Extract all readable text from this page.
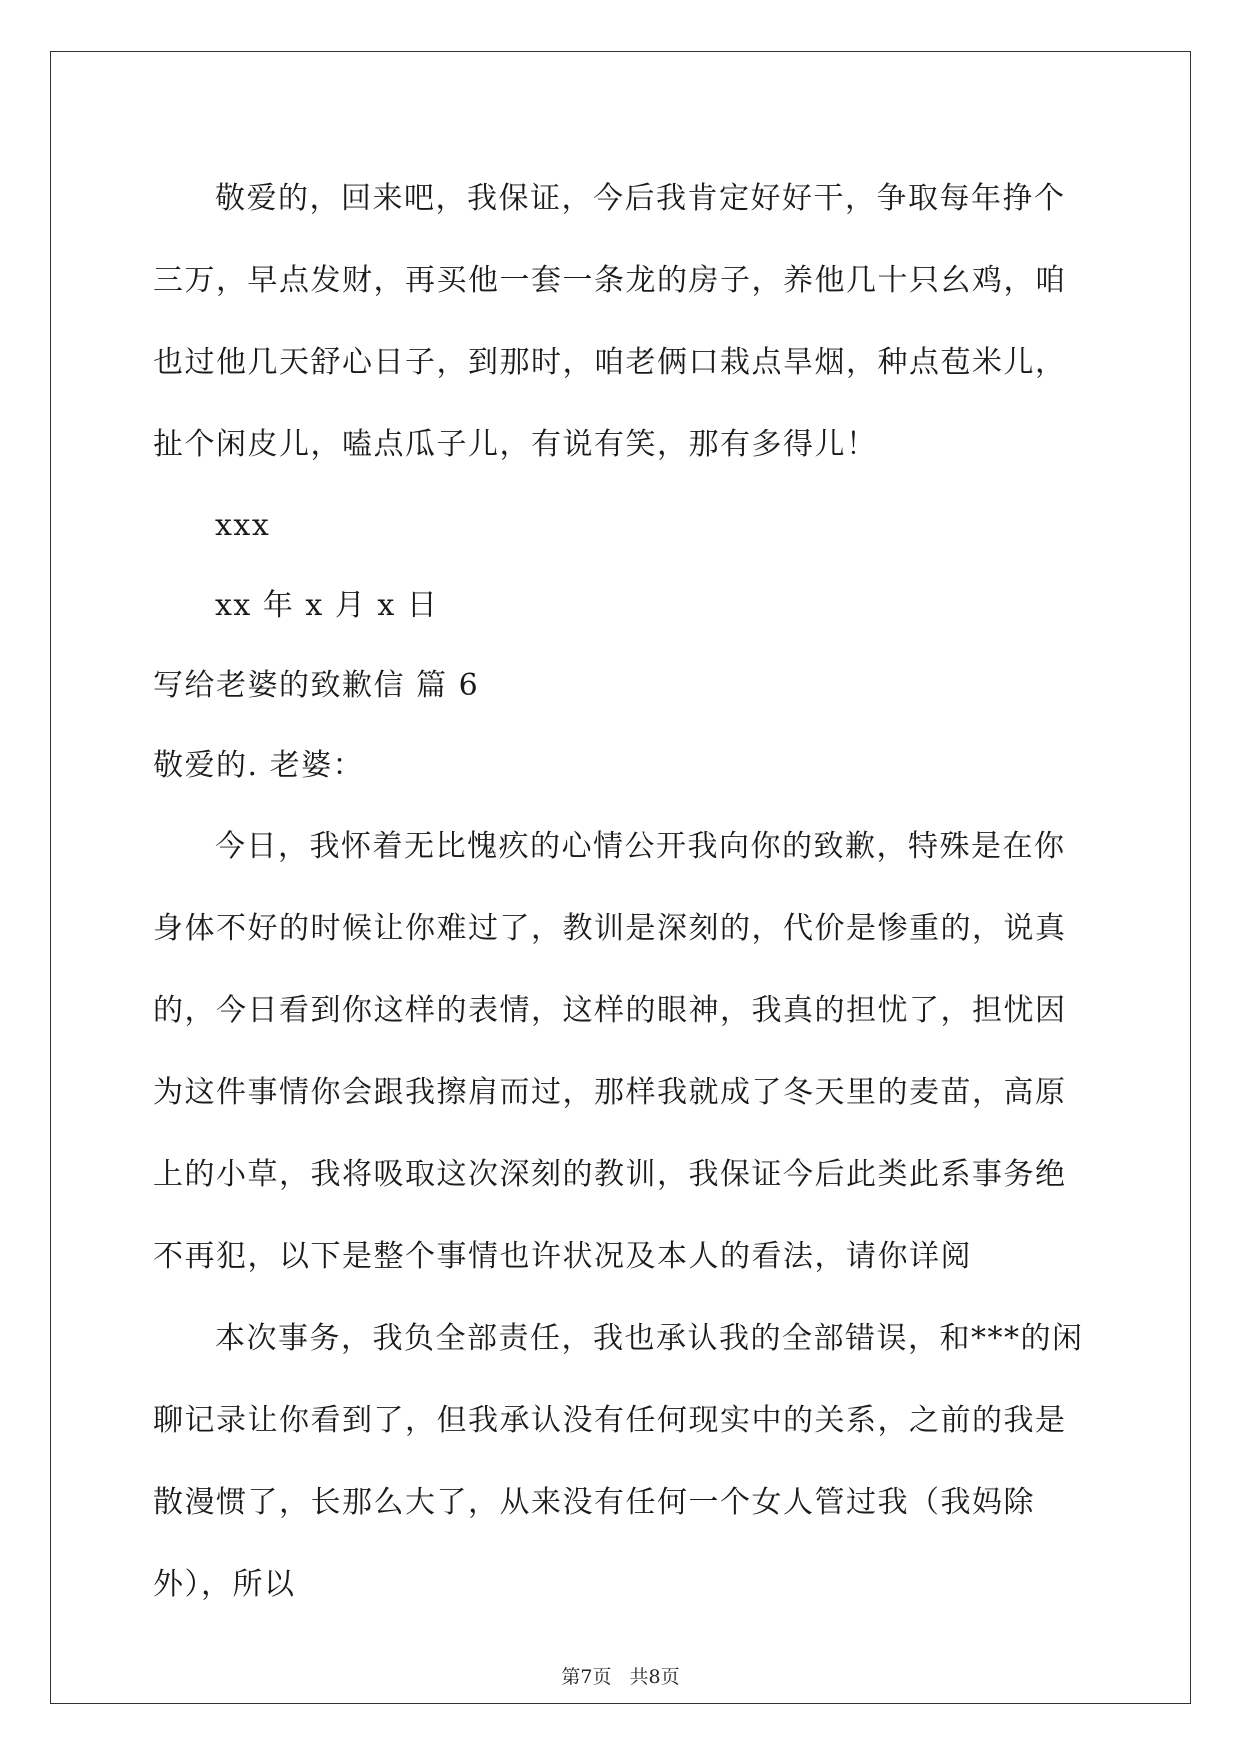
敬爱的，回来吧，我保证，今后我肯定好好干，争取每年挣个三万，早点发财，再买他一套一条龙的房子，养他几十只幺鸡，咱也过他几天舒心日子，到那时，咱老俩口栽点旱烟，种点苞米儿，扯个闲皮儿，嗑点瓜子儿，有说有笑，那有多得儿！

xxx

xx 年 x 月 x 日

写给老婆的致歉信 篇 6

敬爱的. 老婆：

今日，我怀着无比愧疚的心情公开我向你的致歉，特殊是在你身体不好的时候让你难过了，教训是深刻的，代价是惨重的，说真的，今日看到你这样的表情，这样的眼神，我真的担忧了，担忧因为这件事情你会跟我擦肩而过，那样我就成了冬天里的麦苗，高原上的小草，我将吸取这次深刻的教训，我保证今后此类此系事务绝不再犯，以下是整个事情也许状况及本人的看法，请你详阅

本次事务，我负全部责任，我也承认我的全部错误，和***的闲聊记录让你看到了，但我承认没有任何现实中的关系，之前的我是散漫惯了，长那么大了，从来没有任何一个女人管过我（我妈除外），所以

第7页 共8页
